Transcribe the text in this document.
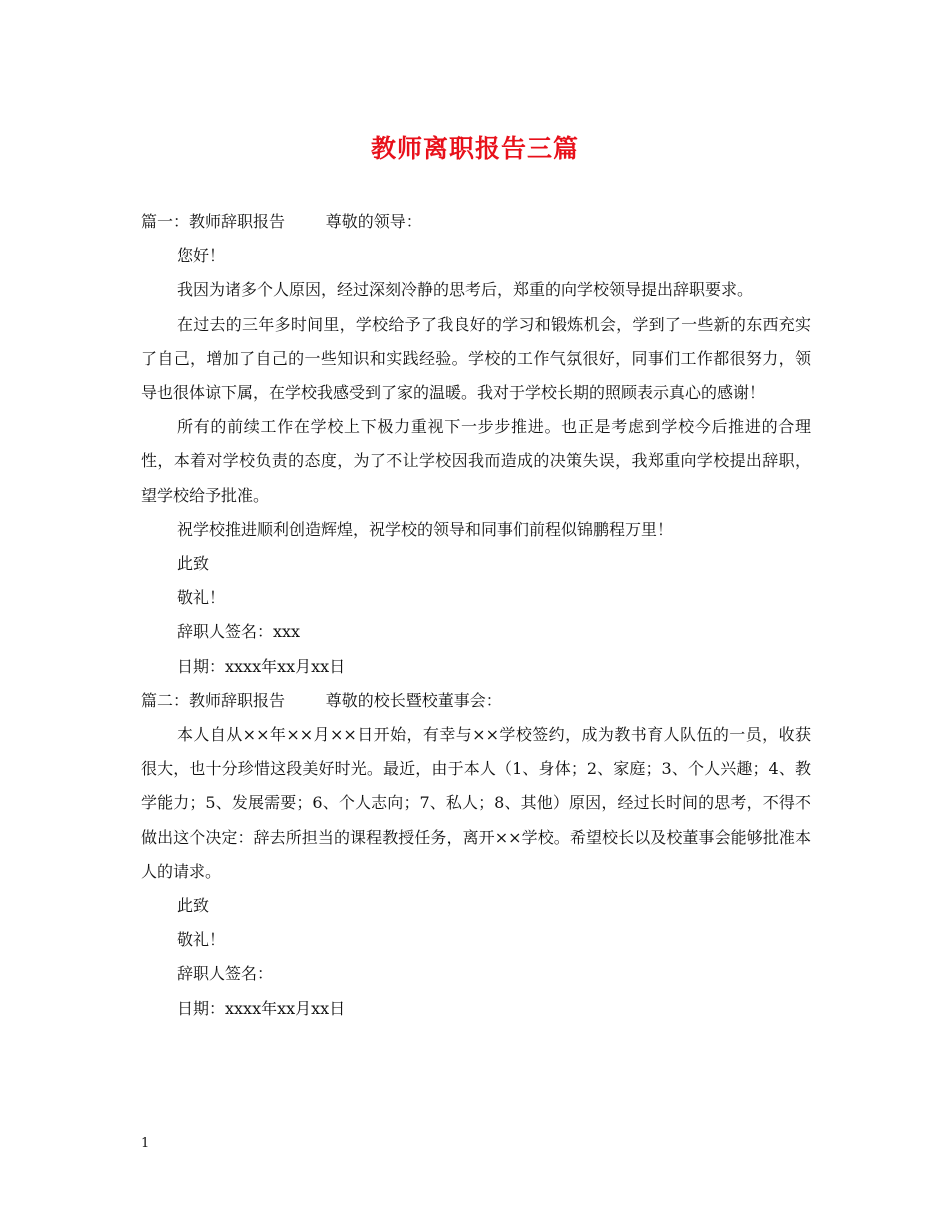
教师离职报告三篇

篇一：教师辞职报告	尊敬的领导：

您好！

我因为诸多个人原因，经过深刻冷静的思考后，郑重的向学校领导提出辞职要求。

在过去的三年多时间里，学校给予了我良好的学习和锻炼机会，学到了一些新的东西充实了自己，增加了自己的一些知识和实践经验。学校的工作气氛很好，同事们工作都很努力，领导也很体谅下属，在学校我感受到了家的温暖。我对于学校长期的照顾表示真心的感谢！

所有的前续工作在学校上下极力重视下一步步推进。也正是考虑到学校今后推进的合理性，本着对学校负责的态度，为了不让学校因我而造成的决策失误，我郑重向学校提出辞职，望学校给予批准。

祝学校推进顺利创造辉煌，祝学校的领导和同事们前程似锦鹏程万里！

此致

敬礼！

辞职人签名：xxx

日期：xxxx年xx月xx日

篇二：教师辞职报告	尊敬的校长暨校董事会：

本人自从××年××月××日开始，有幸与××学校签约，成为教书育人队伍的一员，收获很大，也十分珍惜这段美好时光。最近，由于本人（1、身体；2、家庭；3、个人兴趣；4、教学能力；5、发展需要；6、个人志向；7、私人；8、其他）原因，经过长时间的思考，不得不做出这个决定：辞去所担当的课程教授任务，离开××学校。希望校长以及校董事会能够批准本人的请求。

此致

敬礼！

辞职人签名：

日期：xxxx年xx月xx日

1
